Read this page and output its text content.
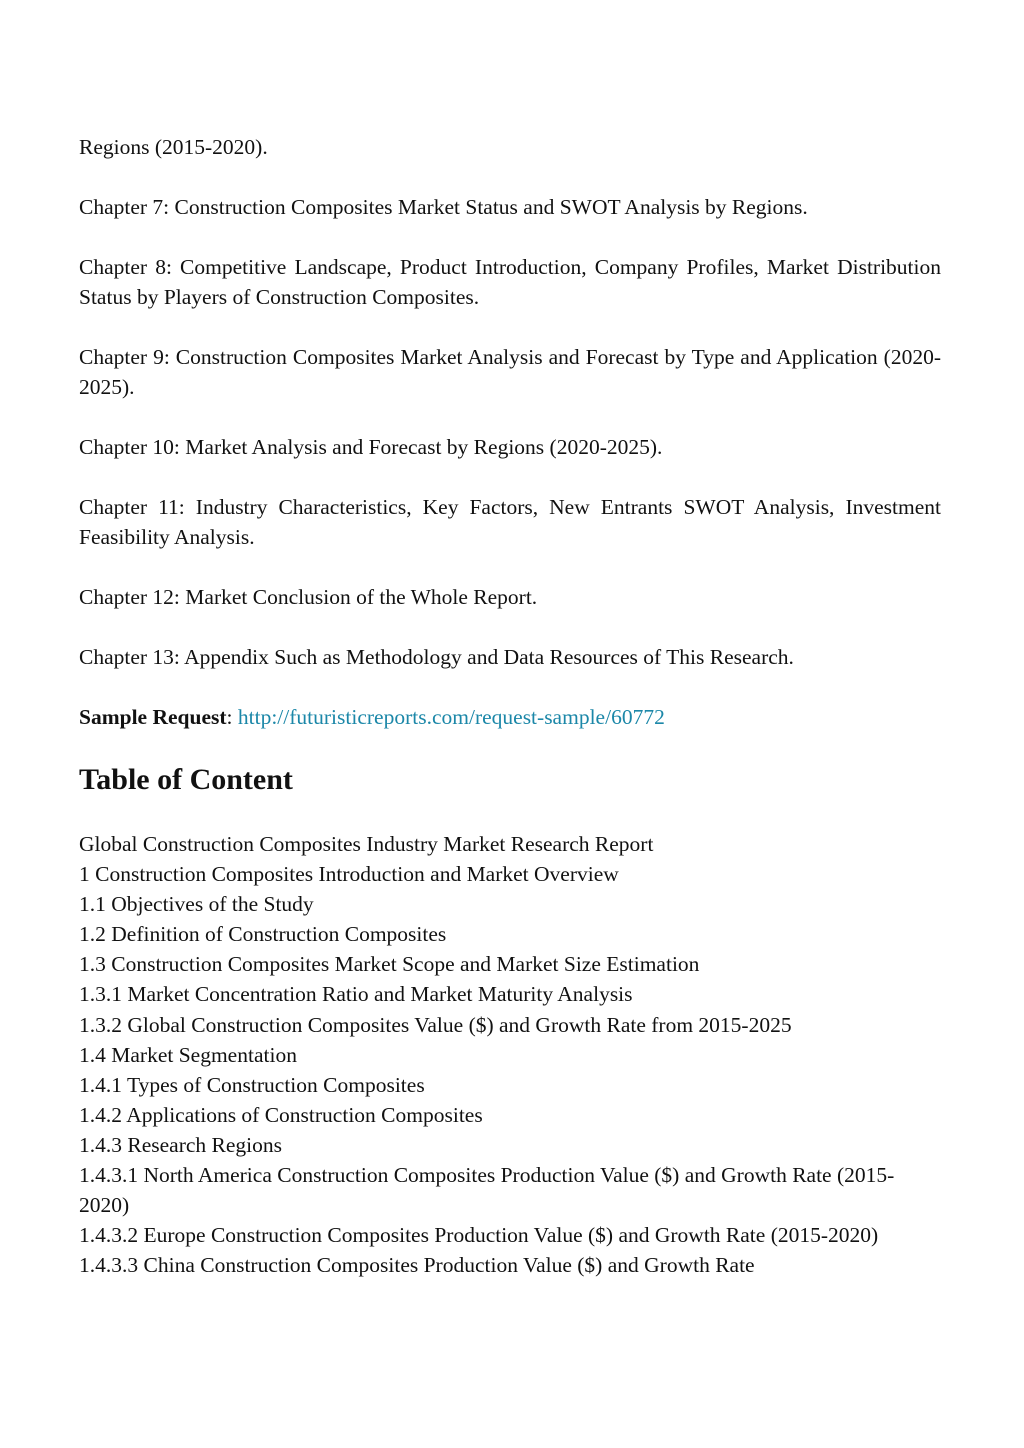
Regions (2015-2020).

Chapter 7: Construction Composites Market Status and SWOT Analysis by Regions.

Chapter 8: Competitive Landscape, Product Introduction, Company Profiles, Market Distribution Status by Players of Construction Composites.

Chapter 9: Construction Composites Market Analysis and Forecast by Type and Application (2020-2025).

Chapter 10: Market Analysis and Forecast by Regions (2020-2025).

Chapter 11: Industry Characteristics, Key Factors, New Entrants SWOT Analysis, Investment Feasibility Analysis.

Chapter 12: Market Conclusion of the Whole Report.

Chapter 13: Appendix Such as Methodology and Data Resources of This Research.

Sample Request: http://futuristicreports.com/request-sample/60772

Table of Content
Global Construction Composites Industry Market Research Report
1 Construction Composites Introduction and Market Overview
1.1 Objectives of the Study
1.2 Definition of Construction Composites
1.3 Construction Composites Market Scope and Market Size Estimation
1.3.1 Market Concentration Ratio and Market Maturity Analysis
1.3.2 Global Construction Composites Value ($) and Growth Rate from 2015-2025
1.4 Market Segmentation
1.4.1 Types of Construction Composites
1.4.2 Applications of Construction Composites
1.4.3 Research Regions
1.4.3.1 North America Construction Composites Production Value ($) and Growth Rate (2015-2020)
1.4.3.2 Europe Construction Composites Production Value ($) and Growth Rate (2015-2020)
1.4.3.3 China Construction Composites Production Value ($) and Growth Rate
